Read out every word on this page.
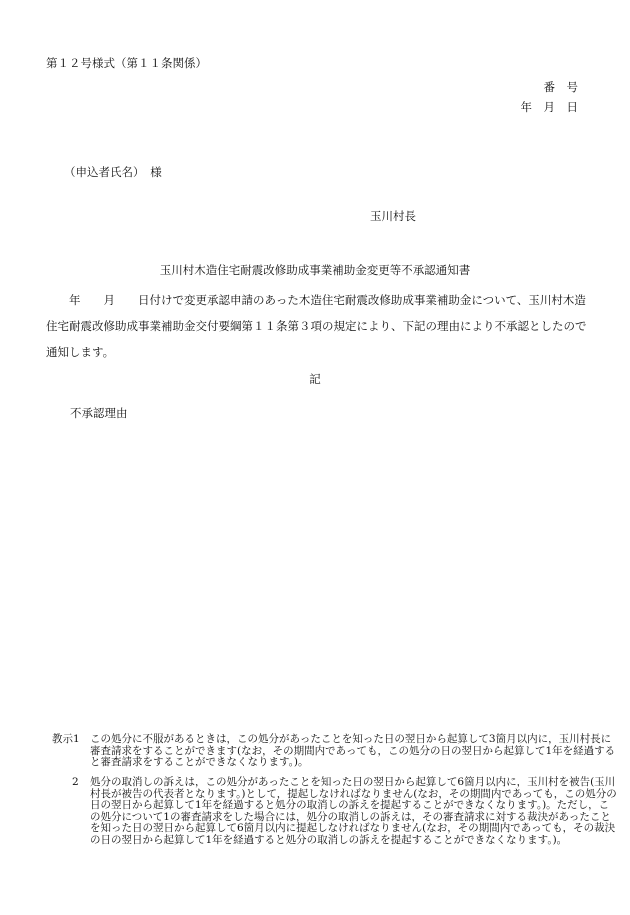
第１２号様式（第１１条関係）

番　号

年　月　日

（申込者氏名）　様

玉川村長

玉川村木造住宅耐震改修助成事業補助金変更等不承認通知書

　　年　　月　　日付けで変更承認申請のあった木造住宅耐震改修助成事業補助金について、玉川村木造住宅耐震改修助成事業補助金交付要綱第１１条第３項の規定により、下記の理由により不承認としたので通知します。

記

不承認理由

教示1 この処分に不服があるときは，この処分があったことを知った日の翌日から起算して3箇月以内に，玉川村長に審査請求をすることができます(なお，その期間内であっても，この処分の日の翌日から起算して1年を経過すると審査請求をすることができなくなります。)。
2 処分の取消しの訴えは，この処分があったことを知った日の翌日から起算して6箇月以内に，玉川村を被告(玉川村長が被告の代表者となります。)として，提起しなければなりません(なお，その期間内であっても，この処分の日の翌日から起算して1年を経過すると処分の取消しの訴えを提起することができなくなります。)。ただし，この処分について1の審査請求をした場合には，処分の取消しの訴えは，その審査請求に対する裁決があったことを知った日の翌日から起算して6箇月以内に提起しなければなりません(なお，その期間内であっても，その裁決の日の翌日から起算して1年を経過すると処分の取消しの訴えを提起することができなくなります。)。
